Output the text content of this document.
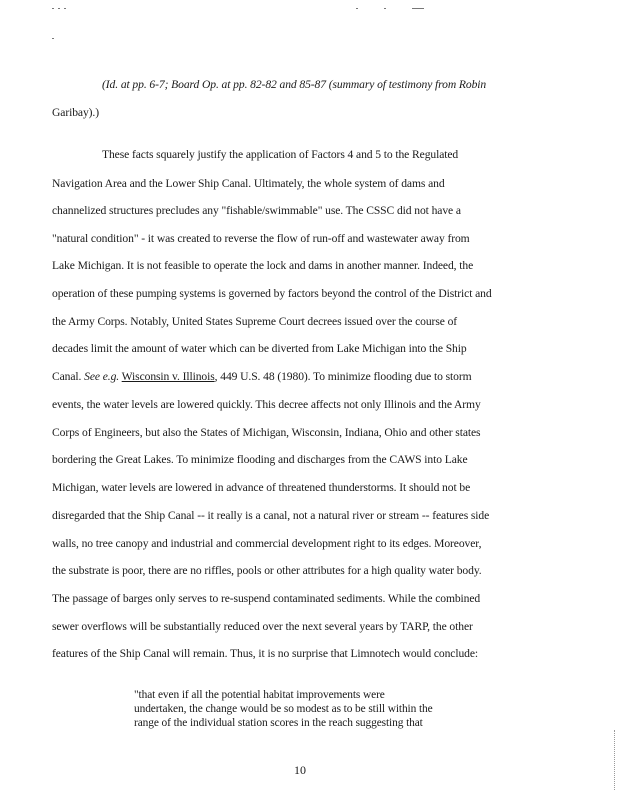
(Id. at pp. 6-7; Board Op. at pp. 82-82 and 85-87 (summary of testimony from Robin
Garibay).)
These facts squarely justify the application of Factors 4 and 5 to the Regulated
Navigation Area and the Lower Ship Canal. Ultimately, the whole system of dams and
channelized structures precludes any "fishable/swimmable" use. The CSSC did not have a
"natural condition" - it was created to reverse the flow of run-off and wastewater away from
Lake Michigan. It is not feasible to operate the lock and dams in another manner. Indeed, the
operation of these pumping systems is governed by factors beyond the control of the District and
the Army Corps. Notably, United States Supreme Court decrees issued over the course of
decades limit the amount of water which can be diverted from Lake Michigan into the Ship
Canal. See e.g. Wisconsin v. Illinois, 449 U.S. 48 (1980). To minimize flooding due to storm
events, the water levels are lowered quickly. This decree affects not only Illinois and the Army
Corps of Engineers, but also the States of Michigan, Wisconsin, Indiana, Ohio and other states
bordering the Great Lakes. To minimize flooding and discharges from the CAWS into Lake
Michigan, water levels are lowered in advance of threatened thunderstorms. It should not be
disregarded that the Ship Canal -- it really is a canal, not a natural river or stream -- features side
walls, no tree canopy and industrial and commercial development right to its edges. Moreover,
the substrate is poor, there are no riffles, pools or other attributes for a high quality water body.
The passage of barges only serves to re-suspend contaminated sediments. While the combined
sewer overflows will be substantially reduced over the next several years by TARP, the other
features of the Ship Canal will remain. Thus, it is no surprise that Limnotech would conclude:
"that even if all the potential habitat improvements were
undertaken, the change would be so modest as to be still within the
range of the individual station scores in the reach suggesting that
10
